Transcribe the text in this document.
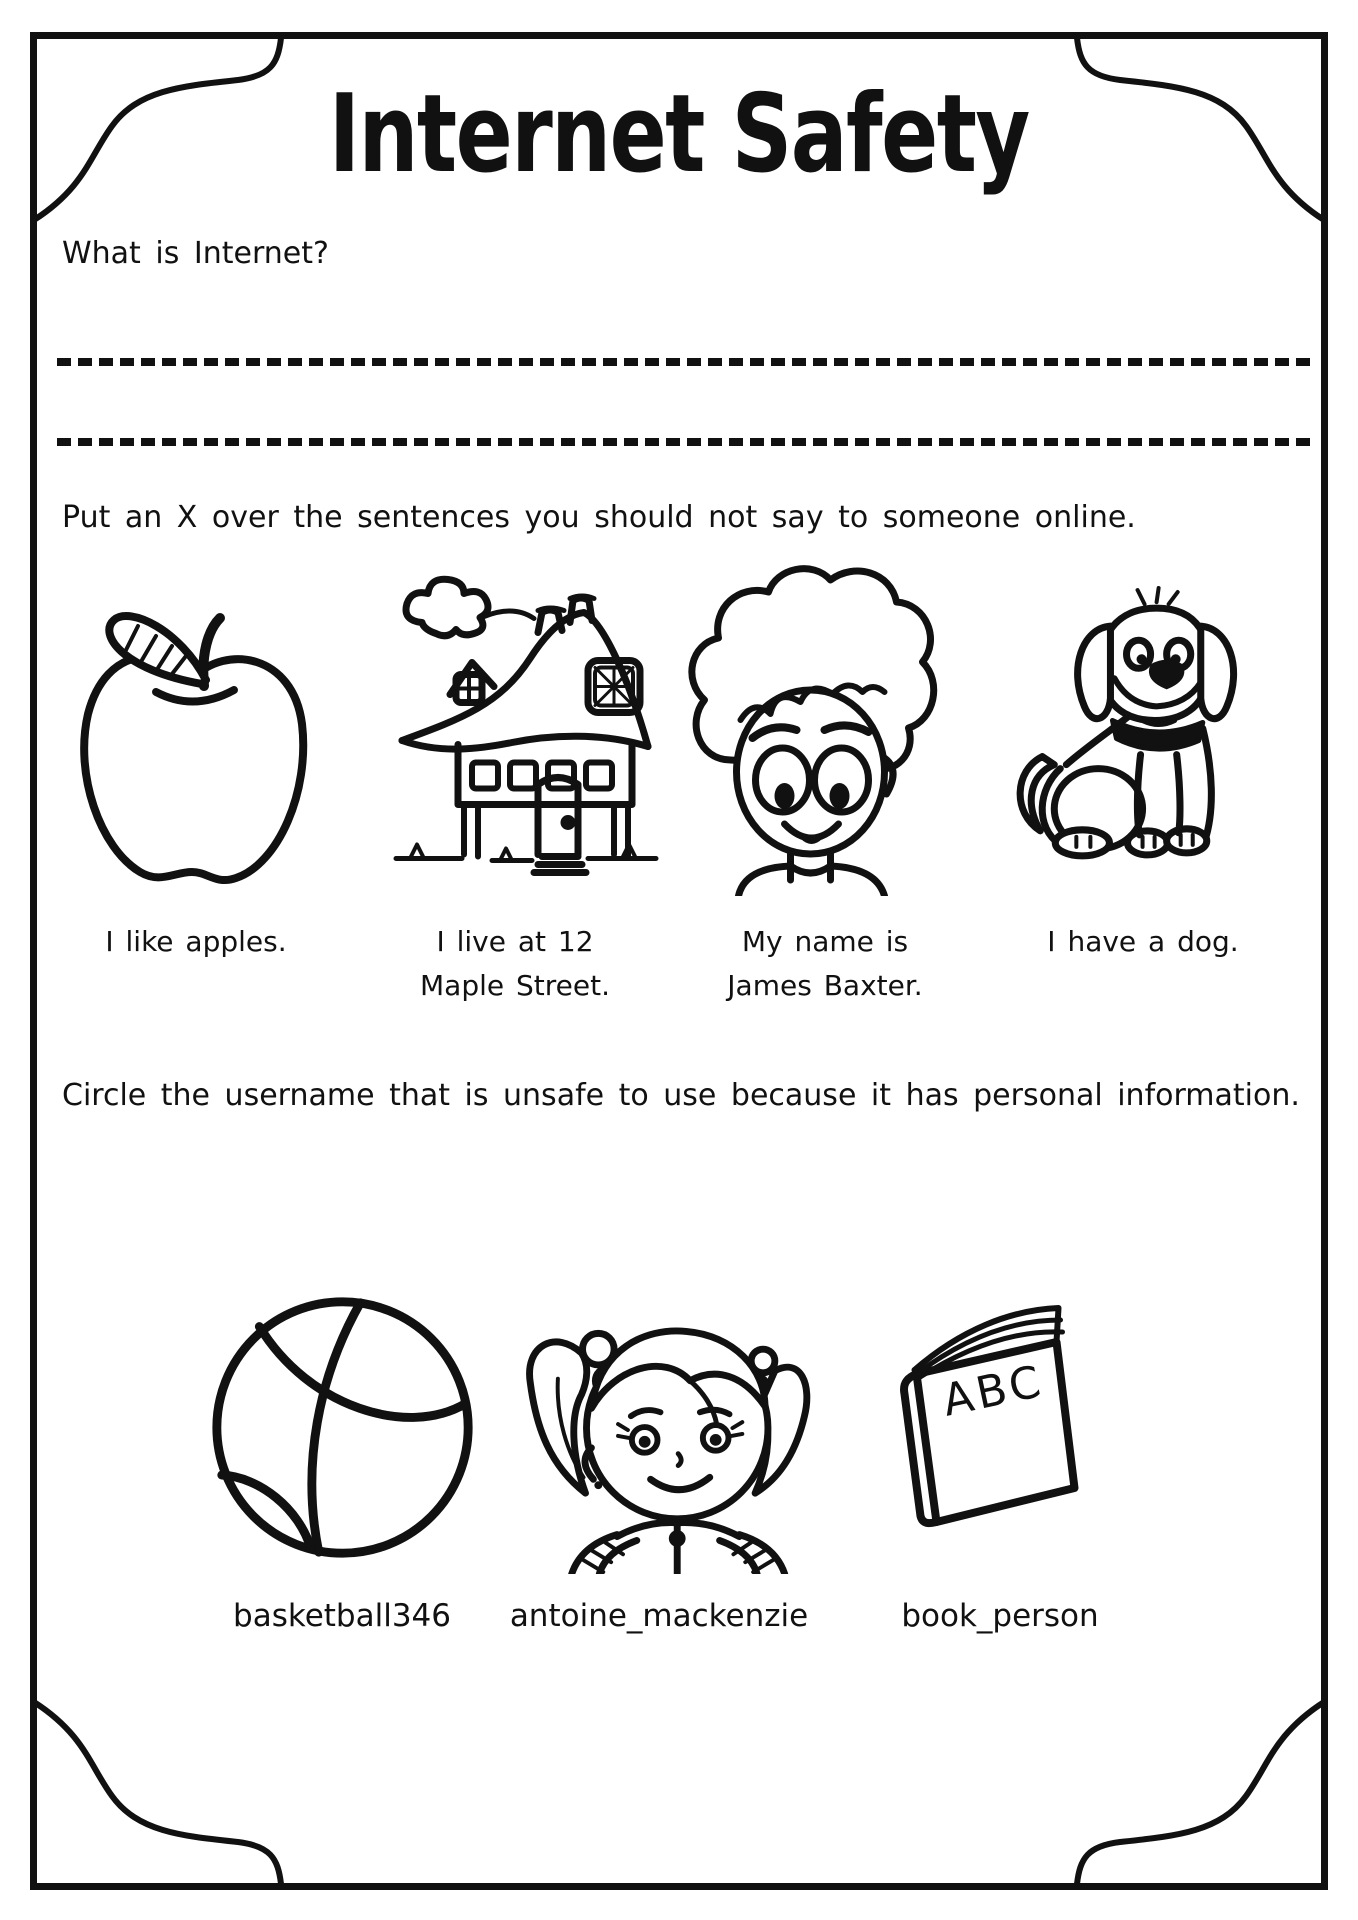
Internet Safety
What is Internet?
Put an X over the sentences you should not say to someone online.
I like apples.	I live at 12
Maple Street.
My name is
James Baxter.
I have a dog.
Circle the username that is unsafe to use because it has personal information.
ABC
basketball346	antoine_mackenzie	book_person
